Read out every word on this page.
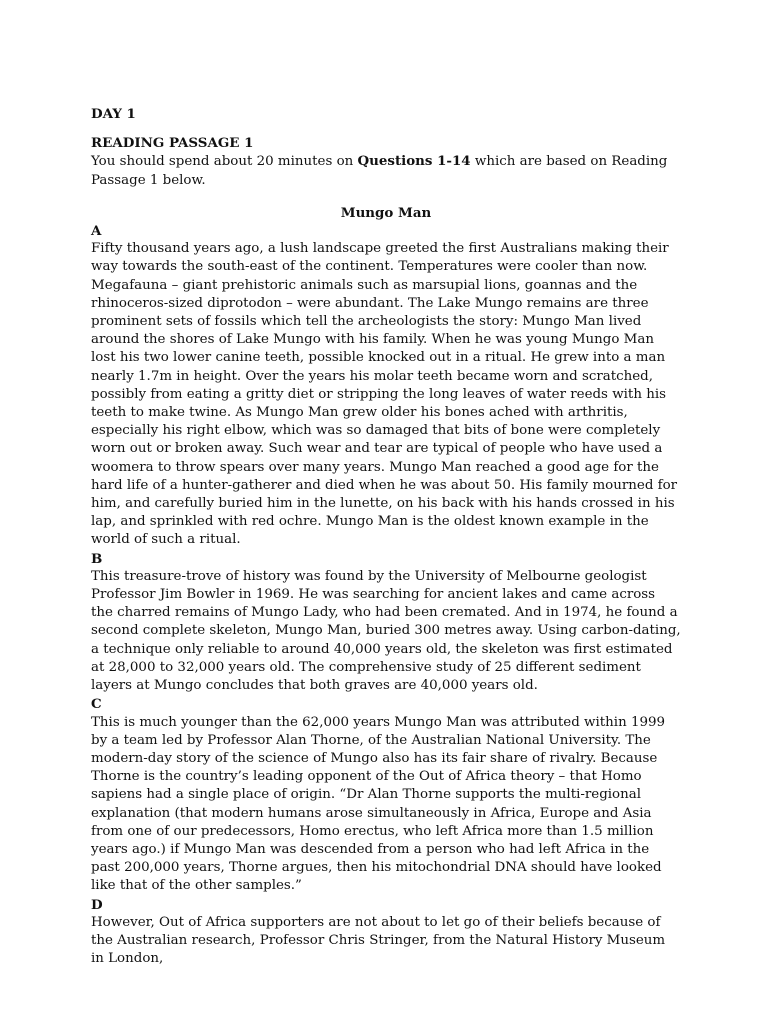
DAY 1

READING PASSAGE 1

You should spend about 20 minutes on Questions 1-14 which are based on Reading Passage 1 below.

Mungo Man

A

Fifty thousand years ago, a lush landscape greeted the first Australians making their way towards the south-east of the continent. Temperatures were cooler than now. Megafauna – giant prehistoric animals such as marsupial lions, goannas and the rhinoceros-sized diprotodon – were abundant. The Lake Mungo remains are three prominent sets of fossils which tell the archeologists the story: Mungo Man lived around the shores of Lake Mungo with his family. When he was young Mungo Man lost his two lower canine teeth, possible knocked out in a ritual. He grew into a man nearly 1.7m in height. Over the years his molar teeth became worn and scratched, possibly from eating a gritty diet or stripping the long leaves of water reeds with his teeth to make twine. As Mungo Man grew older his bones ached with arthritis, especially his right elbow, which was so damaged that bits of bone were completely worn out or broken away. Such wear and tear are typical of people who have used a woomera to throw spears over many years. Mungo Man reached a good age for the hard life of a hunter-gatherer and died when he was about 50. His family mourned for him, and carefully buried him in the lunette, on his back with his hands crossed in his lap, and sprinkled with red ochre. Mungo Man is the oldest known example in the world of such a ritual.

B

This treasure-trove of history was found by the University of Melbourne geologist Professor Jim Bowler in 1969. He was searching for ancient lakes and came across the charred remains of Mungo Lady, who had been cremated. And in 1974, he found a second complete skeleton, Mungo Man, buried 300 metres away. Using carbon-dating, a technique only reliable to around 40,000 years old, the skeleton was first estimated at 28,000 to 32,000 years old. The comprehensive study of 25 different sediment layers at Mungo concludes that both graves are 40,000 years old.

C

This is much younger than the 62,000 years Mungo Man was attributed within 1999 by a team led by Professor Alan Thorne, of the Australian National University. The modern-day story of the science of Mungo also has its fair share of rivalry. Because Thorne is the country’s leading opponent of the Out of Africa theory – that Homo sapiens had a single place of origin. “Dr Alan Thorne supports the multi-regional explanation (that modern humans arose simultaneously in Africa, Europe and Asia from one of our predecessors, Homo erectus, who left Africa more than 1.5 million years ago.) if Mungo Man was descended from a person who had left Africa in the past 200,000 years, Thorne argues, then his mitochondrial DNA should have looked like that of the other samples.”

D

However, Out of Africa supporters are not about to let go of their beliefs because of the Australian research, Professor Chris Stringer, from the Natural History Museum in London,
